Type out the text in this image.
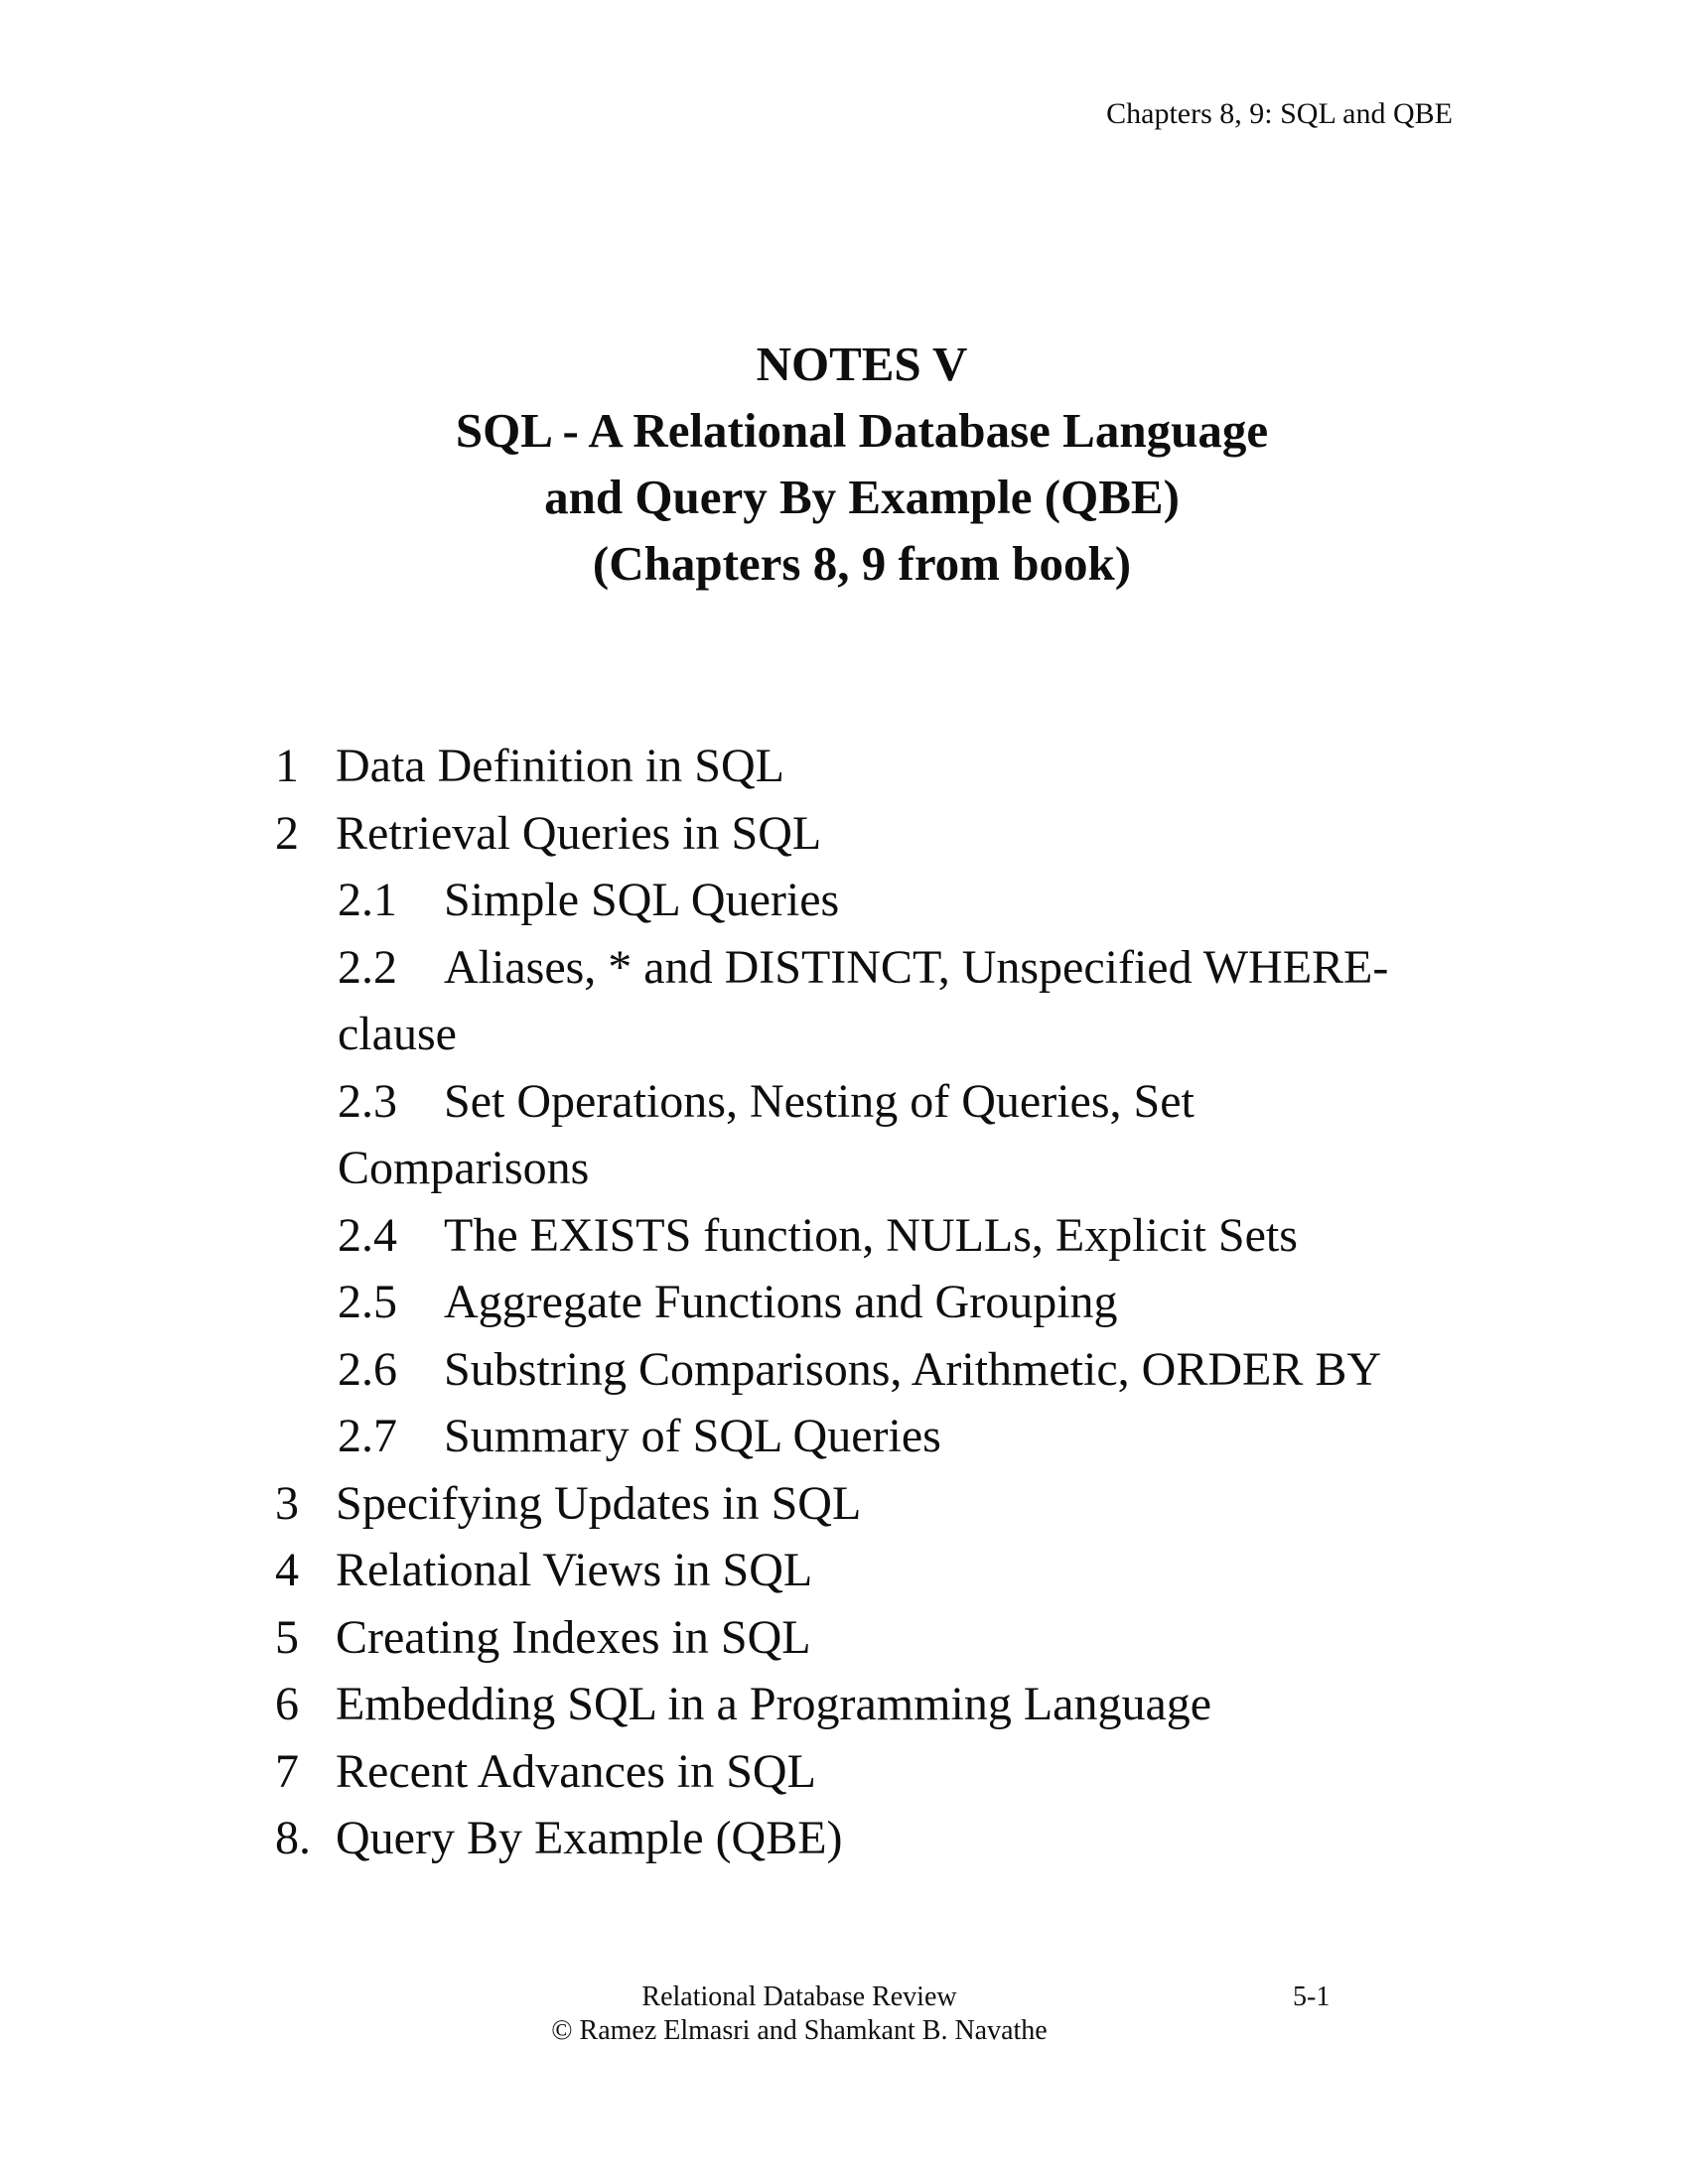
Chapters 8, 9: SQL and QBE
NOTES V
SQL - A Relational Database Language
and Query By Example (QBE)
(Chapters 8, 9 from book)
1 Data Definition in SQL
2 Retrieval Queries in SQL
2.1 Simple SQL Queries
2.2 Aliases, * and DISTINCT, Unspecified WHERE-clause
2.3 Set Operations, Nesting of Queries, Set Comparisons
2.4 The EXISTS function, NULLs, Explicit Sets
2.5 Aggregate Functions and Grouping
2.6 Substring Comparisons, Arithmetic, ORDER BY
2.7 Summary of SQL Queries
3 Specifying Updates in SQL
4 Relational Views in SQL
5 Creating Indexes in SQL
6 Embedding SQL in a Programming Language
7 Recent Advances in SQL
8. Query By Example (QBE)
Relational Database Review
© Ramez Elmasri and Shamkant B. Navathe
5-1
